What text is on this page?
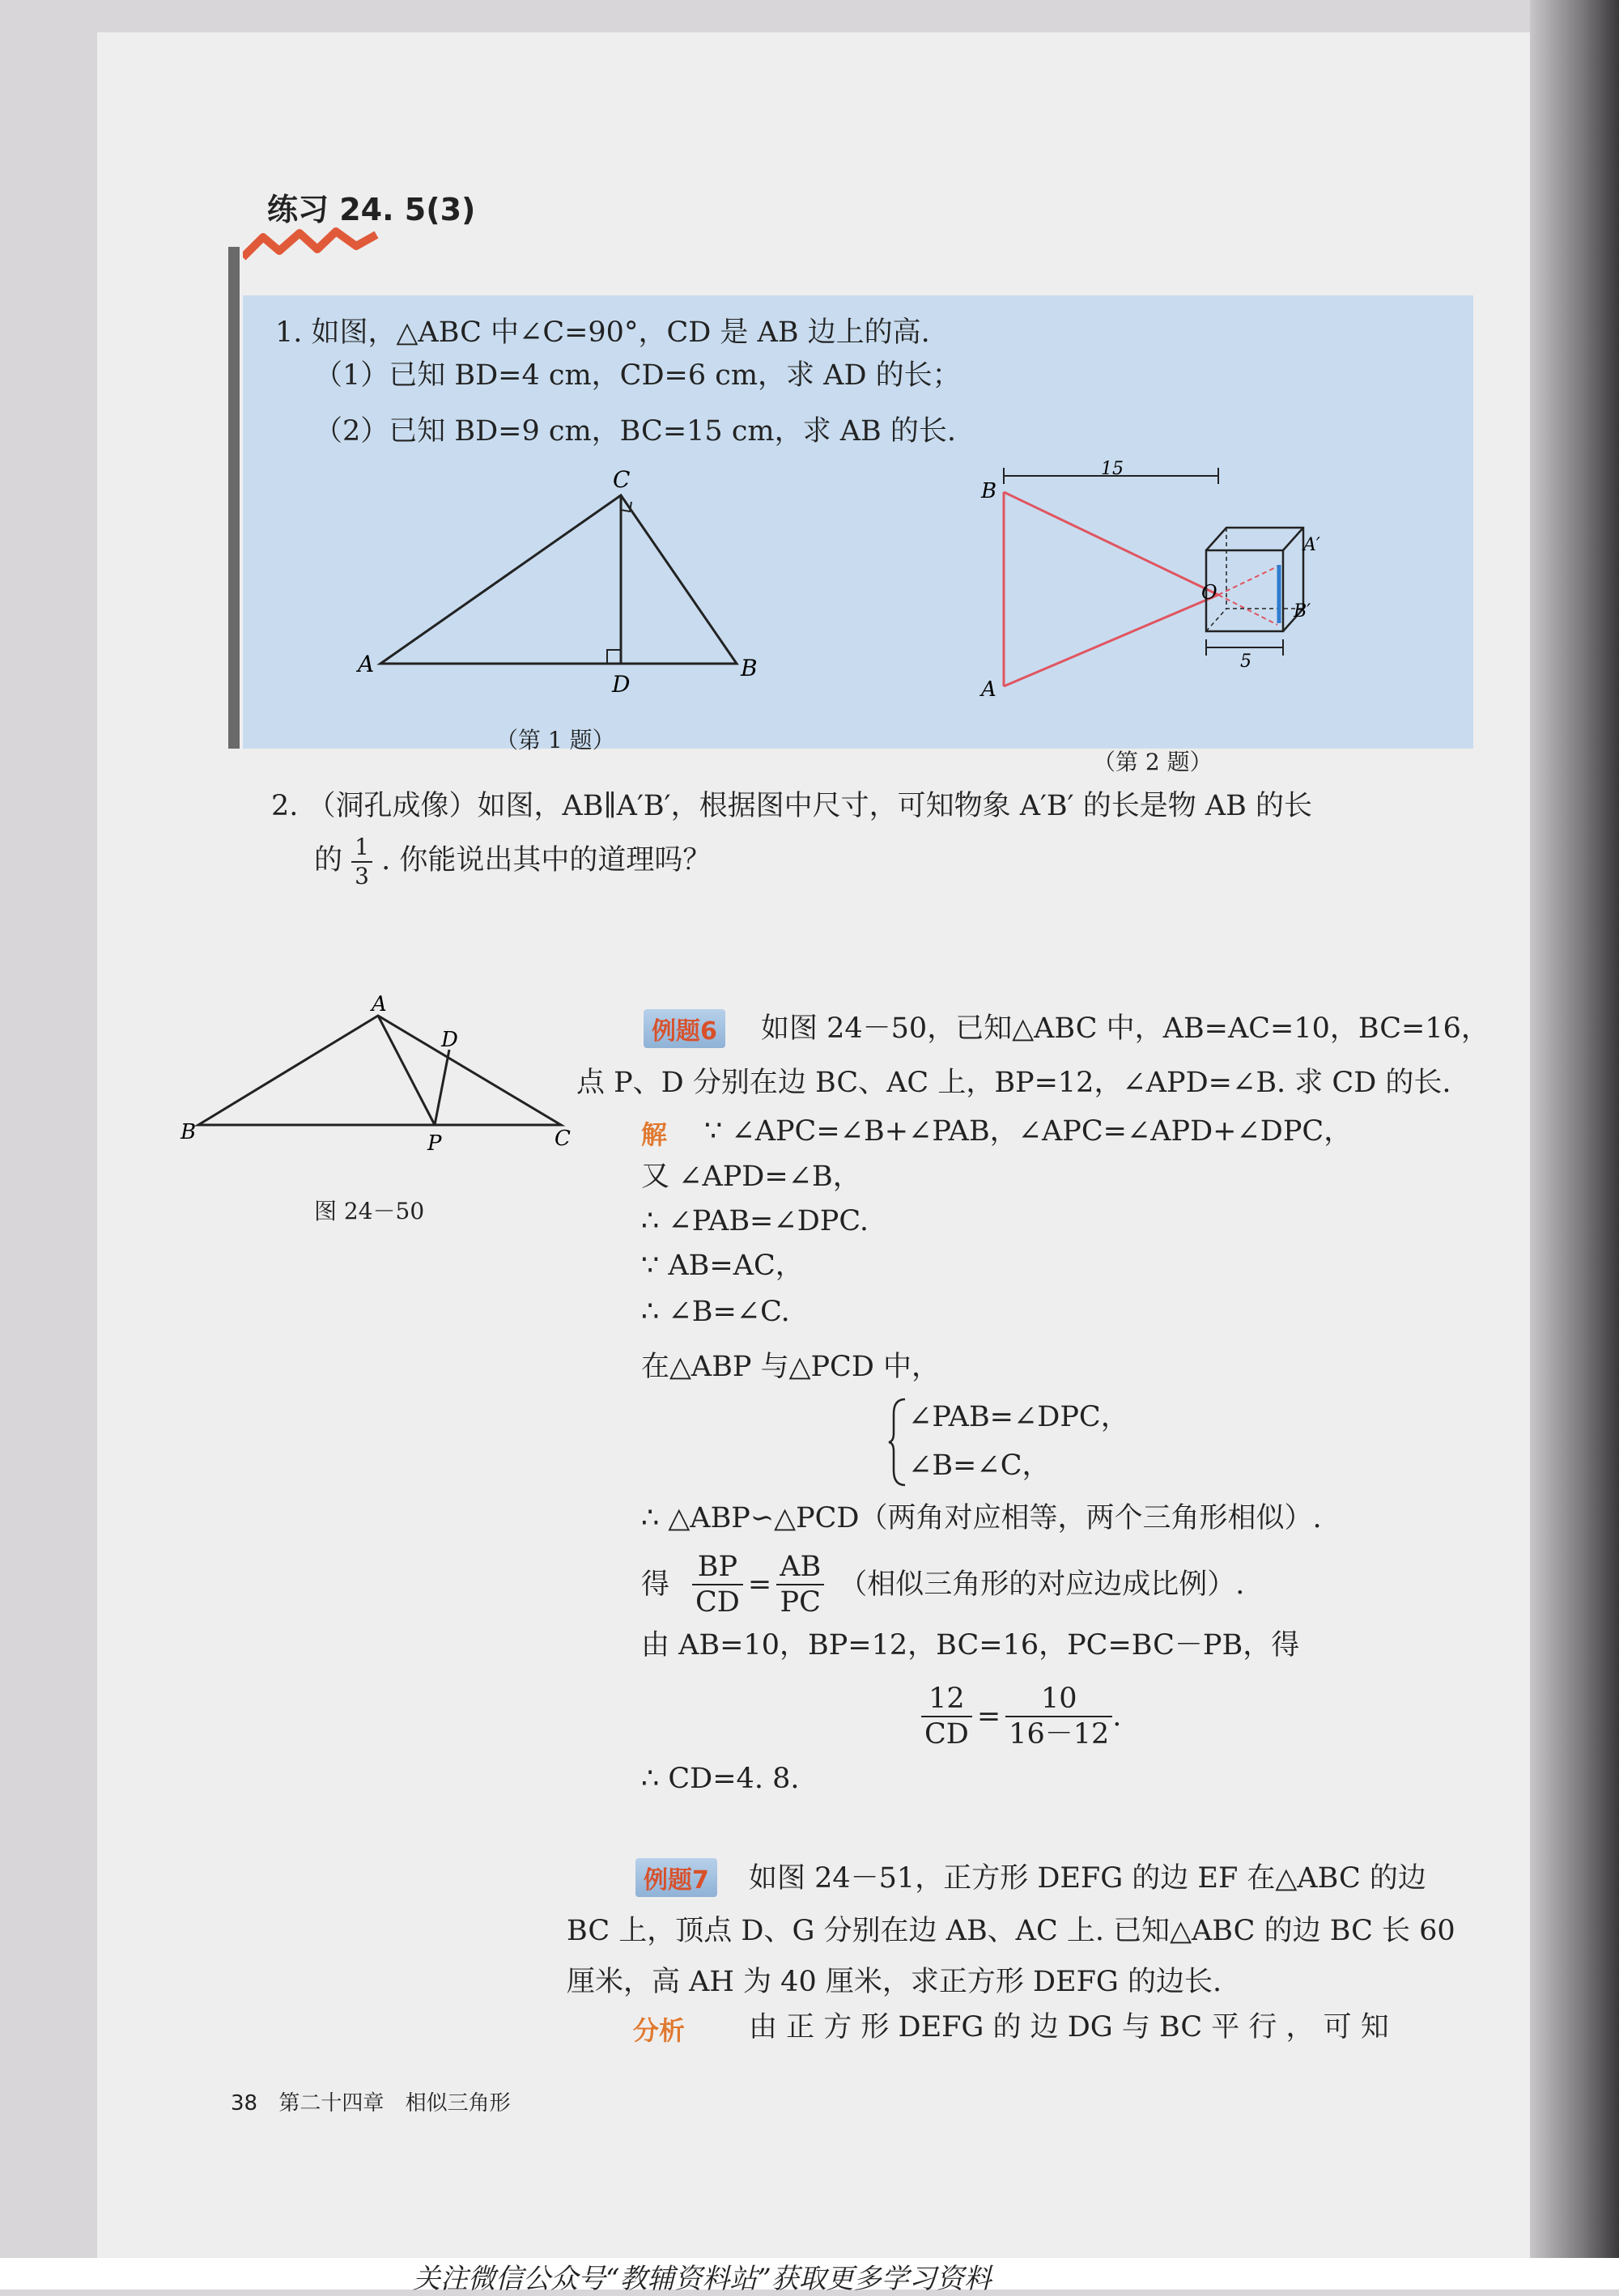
练习 24. 5(3)
1. 如图，△ABC 中∠C=90°，CD 是 AB 边上的高.
（1）已知 BD=4 cm，CD=6 cm，求 AD 的长；
（2）已知 BD=9 cm，BC=15 cm，求 AB 的长.
C
A
D
B
（第 1 题）
15
5
B
A
O
A′
B′
（第 2 题）
2. （洞孔成像）如图，AB∥A′B′，根据图中尺寸，可知物象 A′B′ 的长是物 AB 的长
的 $\frac{1}{3}$ . 你能说出其中的道理吗？
A
D
B	P	C
图 24－50
例题6 如图 24－50，已知△ABC 中，AB=AC=10，BC=16，
点 P、D 分别在边 BC、AC 上，BP=12，∠APD=∠B. 求 CD 的长.
解 ∵ ∠APC=∠B+∠PAB，∠APC=∠APD+∠DPC，
又 ∠APD=∠B，
∴ ∠PAB=∠DPC.
∵ AB=AC，
∴ ∠B=∠C.
在△ABP 与△PCD 中，
∠PAB=∠DPC，
∠B=∠C，
∴ △ABP∽△PCD（两角对应相等，两个三角形相似）.
得 $\frac{BP}{CD} = \frac{AB}{PC}$ （相似三角形的对应边成比例）.
由 AB=10，BP=12，BC=16，PC=BC－PB，得
$\frac{12}{CD} = \frac{10}{16-12}$ .
∴ CD=4. 8.
例题7 如图 24－51，正方形 DEFG 的边 EF 在△ABC 的边
BC 上，顶点 D、G 分别在边 AB、AC 上. 已知△ABC 的边 BC 长 60
厘米，高 AH 为 40 厘米，求正方形 DEFG 的边长.
分析 由 正 方 形 DEFG 的 边 DG 与 BC 平 行 ， 可 知
38 第二十四章 相似三角形
关注微信公众号“教辅资料站”获取更多学习资料
